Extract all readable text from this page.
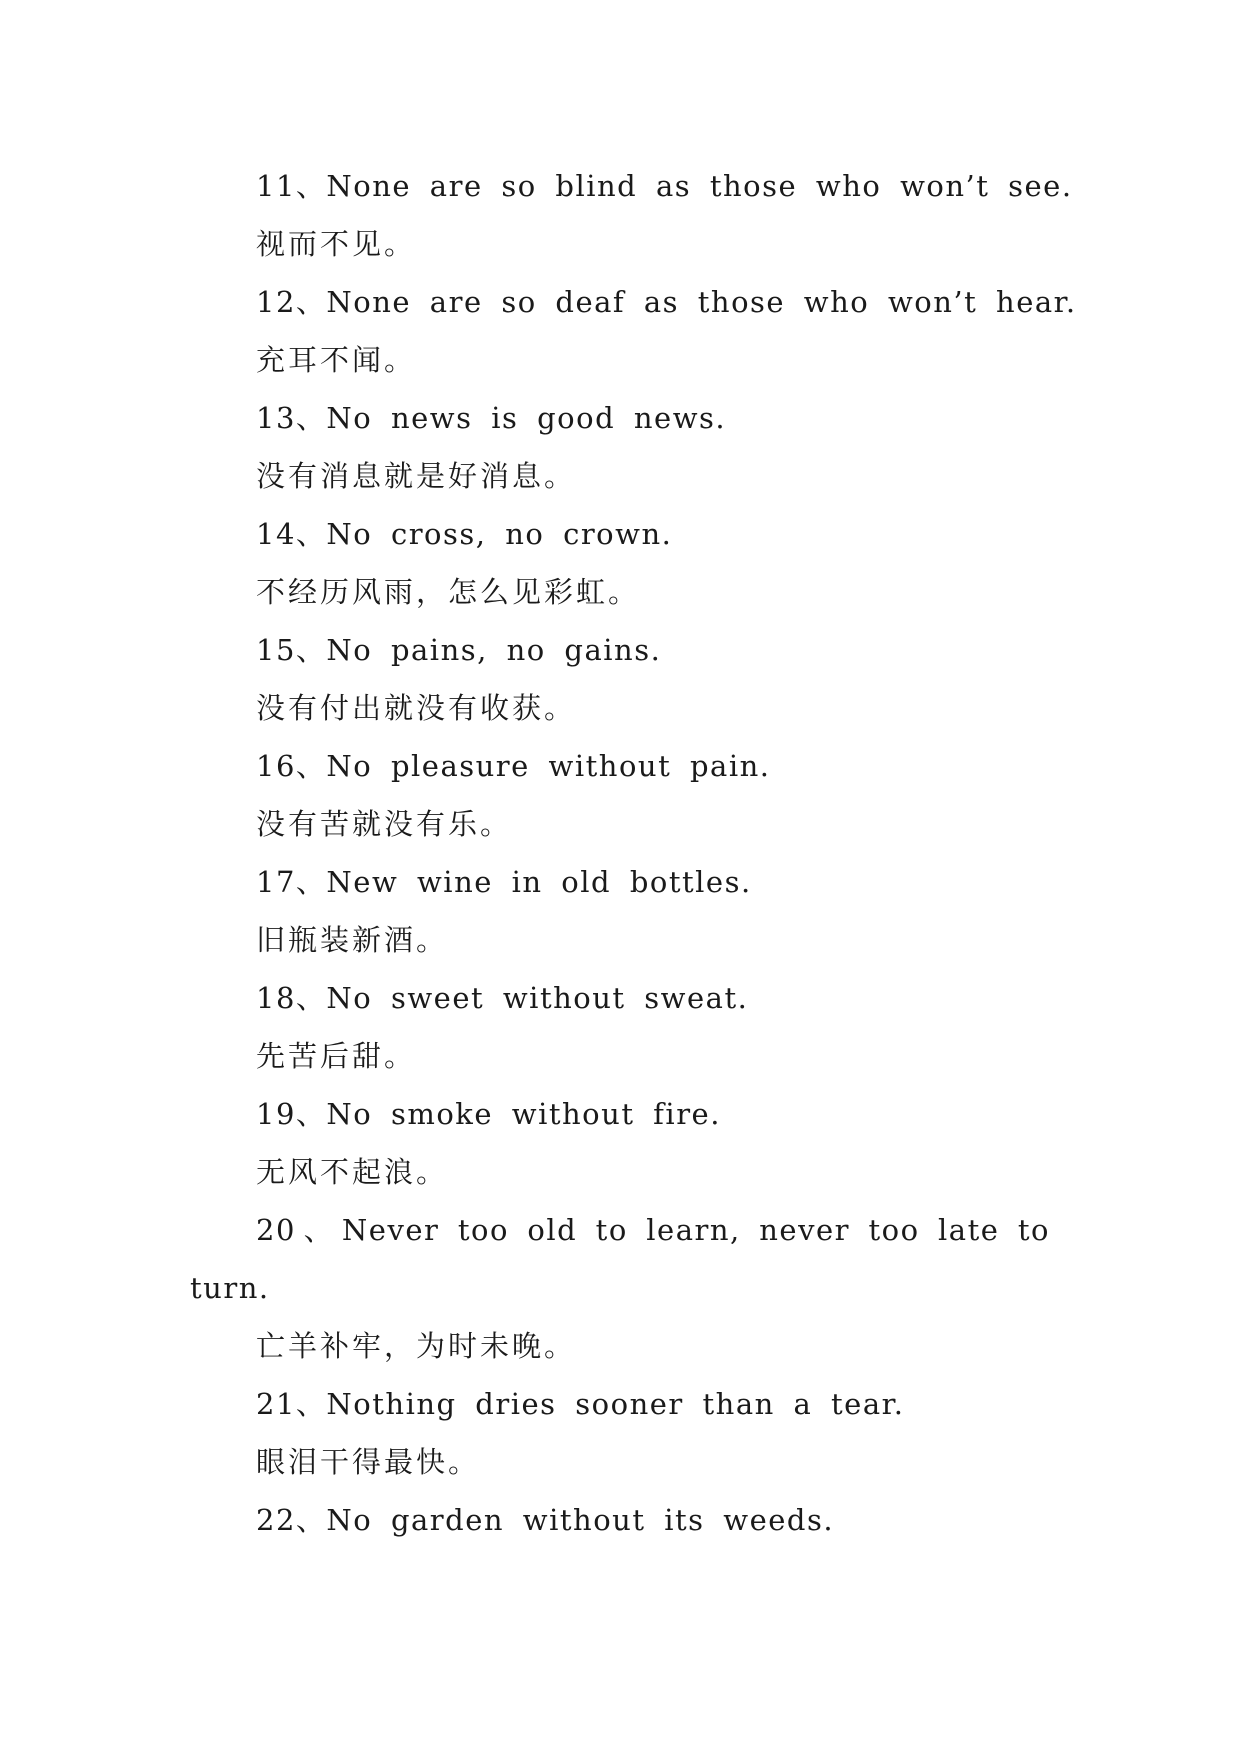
11、None are so blind as those who won’t see.

视而不见。

12、None are so deaf as those who won’t hear.

充耳不闻。

13、No news is good news.

没有消息就是好消息。

14、No cross, no crown.

不经历风雨，怎么见彩虹。

15、No pains, no gains.

没有付出就没有收获。

16、No pleasure without pain.

没有苦就没有乐。

17、New wine in old bottles.

旧瓶装新酒。

18、No sweet without sweat.

先苦后甜。

19、No smoke without fire.

无风不起浪。

20、Never too old to learn, never too late to

turn.

亡羊补牢，为时未晚。

21、Nothing dries sooner than a tear.

眼泪干得最快。

22、No garden without its weeds.
